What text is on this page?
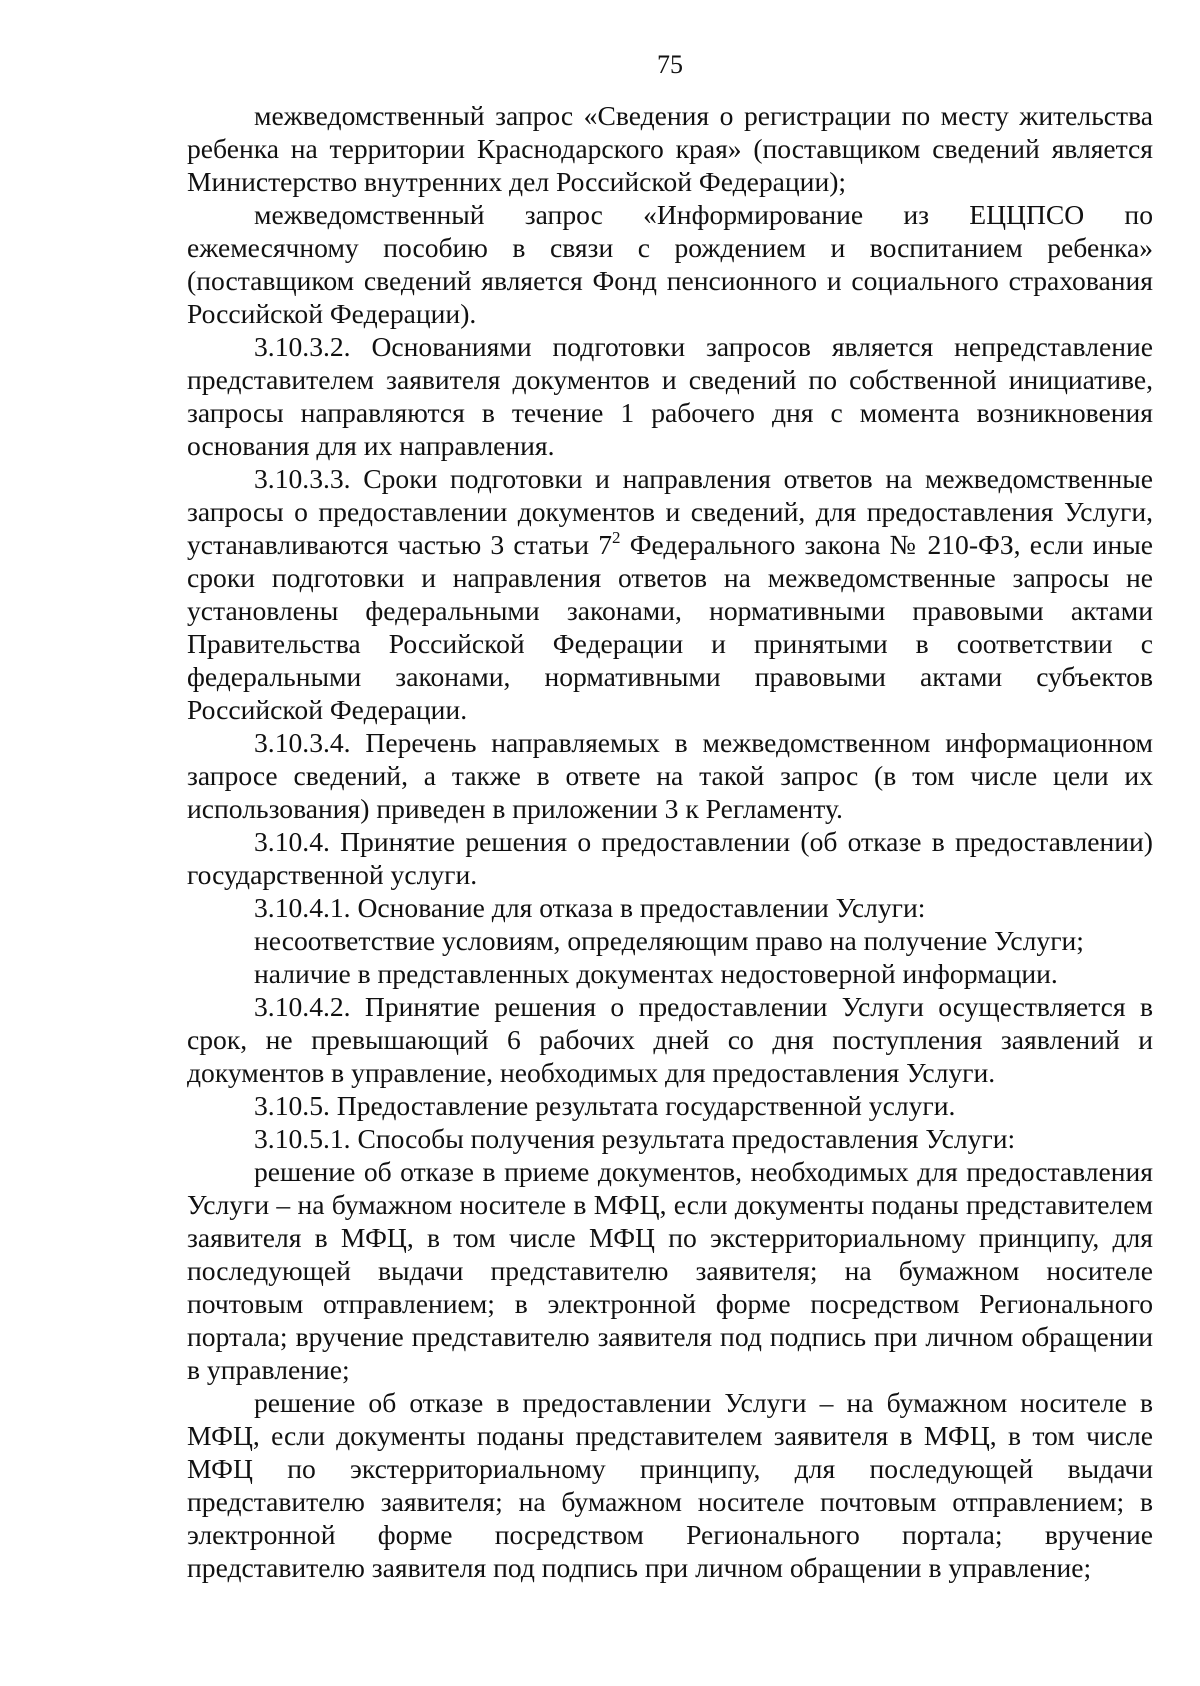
75

межведомственный запрос «Сведения о регистрации по месту жительства ребенка на территории Краснодарского края» (поставщиком сведений является Министерство внутренних дел Российской Федерации);

межведомственный запрос «Информирование из ЕЦЦПСО по ежемесячному пособию в связи с рождением и воспитанием ребенка» (поставщиком сведений является Фонд пенсионного и социального страхования Российской Федерации).

3.10.3.2. Основаниями подготовки запросов является непредставление представителем заявителя документов и сведений по собственной инициативе, запросы направляются в течение 1 рабочего дня с момента возникновения основания для их направления.

3.10.3.3. Сроки подготовки и направления ответов на межведомственные запросы о предоставлении документов и сведений, для предоставления Услуги, устанавливаются частью 3 статьи $7^2$ Федерального закона № 210-ФЗ, если иные сроки подготовки и направления ответов на межведомственные запросы не установлены федеральными законами, нормативными правовыми актами Правительства Российской Федерации и принятыми в соответствии с федеральными законами, нормативными правовыми актами субъектов Российской Федерации.

3.10.3.4. Перечень направляемых в межведомственном информационном запросе сведений, а также в ответе на такой запрос (в том числе цели их использования) приведен в приложении 3 к Регламенту.

3.10.4. Принятие решения о предоставлении (об отказе в предоставлении) государственной услуги.

3.10.4.1. Основание для отказа в предоставлении Услуги:

несоответствие условиям, определяющим право на получение Услуги;

наличие в представленных документах недостоверной информации.

3.10.4.2. Принятие решения о предоставлении Услуги осуществляется в срок, не превышающий 6 рабочих дней со дня поступления заявлений и документов в управление, необходимых для предоставления Услуги.

3.10.5. Предоставление результата государственной услуги.

3.10.5.1. Способы получения результата предоставления Услуги:

решение об отказе в приеме документов, необходимых для предоставления Услуги – на бумажном носителе в МФЦ, если документы поданы представителем заявителя в МФЦ, в том числе МФЦ по экстерриториальному принципу, для последующей выдачи представителю заявителя; на бумажном носителе почтовым отправлением; в электронной форме посредством Регионального портала; вручение представителю заявителя под подпись при личном обращении в управление;

решение об отказе в предоставлении Услуги – на бумажном носителе в МФЦ, если документы поданы представителем заявителя в МФЦ, в том числе МФЦ по экстерриториальному принципу, для последующей выдачи представителю заявителя; на бумажном носителе почтовым отправлением; в электронной форме посредством Регионального портала; вручение представителю заявителя под подпись при личном обращении в управление;
